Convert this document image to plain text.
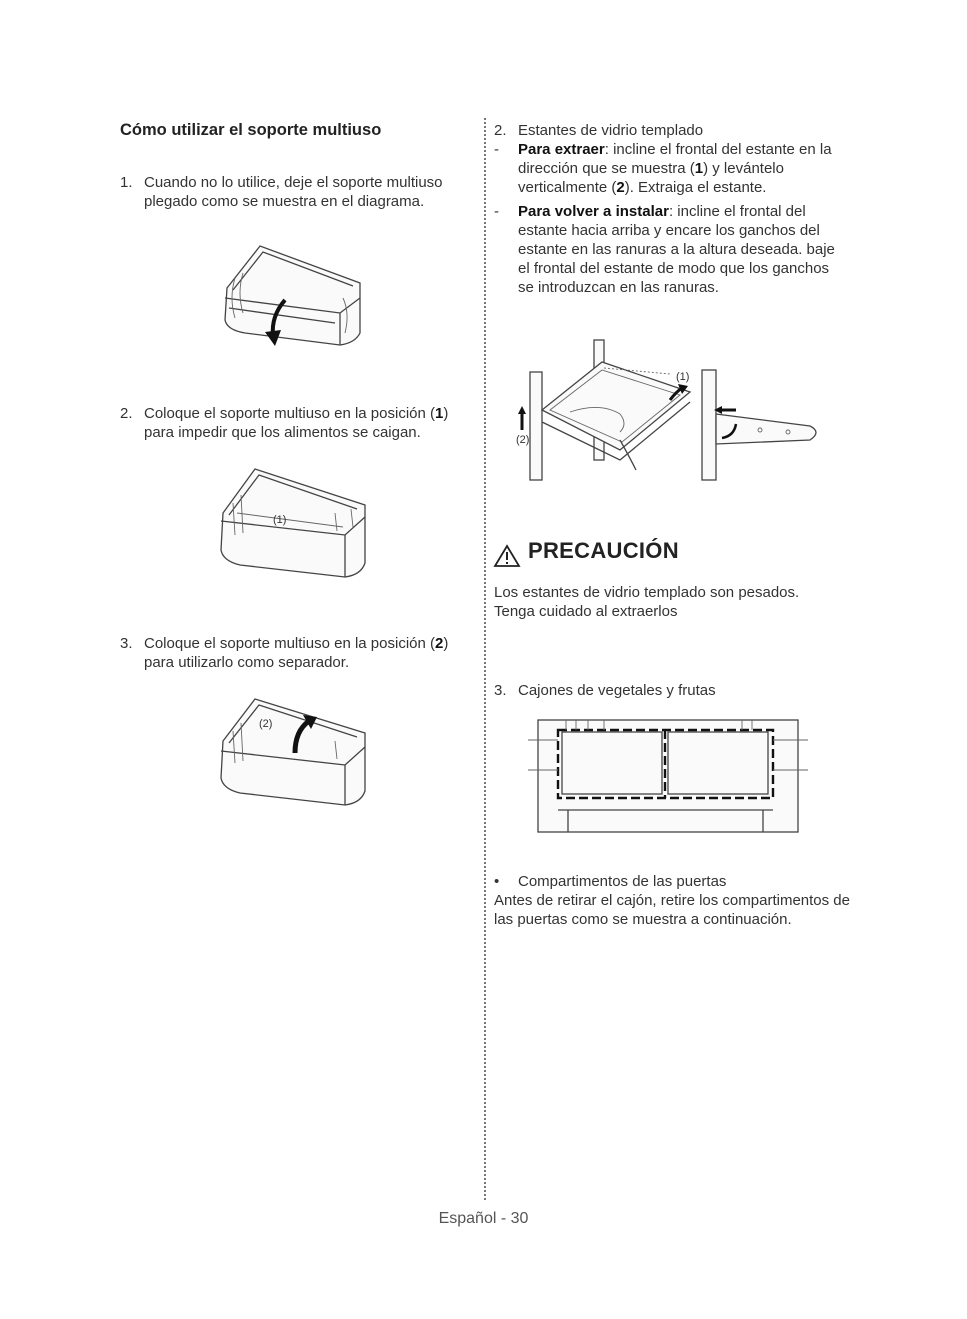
Cómo utilizar el soporte multiuso
1. Cuando no lo utilice, deje el soporte multiuso plegado como se muestra en el diagrama.
2. Coloque el soporte multiuso en la posición (1) para impedir que los alimentos se caigan.
(1)
3. Coloque el soporte multiuso en la posición (2) para utilizarlo como separador.
(2)
2. Estantes de vidrio templado
- Para extraer: incline el frontal del estante en la dirección que se muestra (1) y levántelo verticalmente (2). Extraiga el estante.
- Para volver a instalar: incline el frontal del estante hacia arriba y encare los ganchos del estante en las ranuras a la altura deseada. baje el frontal del estante de modo que los ganchos se introduzcan en las ranuras.
(1)
(2)
PRECAUCIÓN
Los estantes de vidrio templado son pesados. Tenga cuidado al extraerlos
3. Cajones de vegetales y frutas
• Compartimentos de las puertas
Antes de retirar el cajón, retire los compartimentos de las puertas como se muestra a continuación.
Español - 30
